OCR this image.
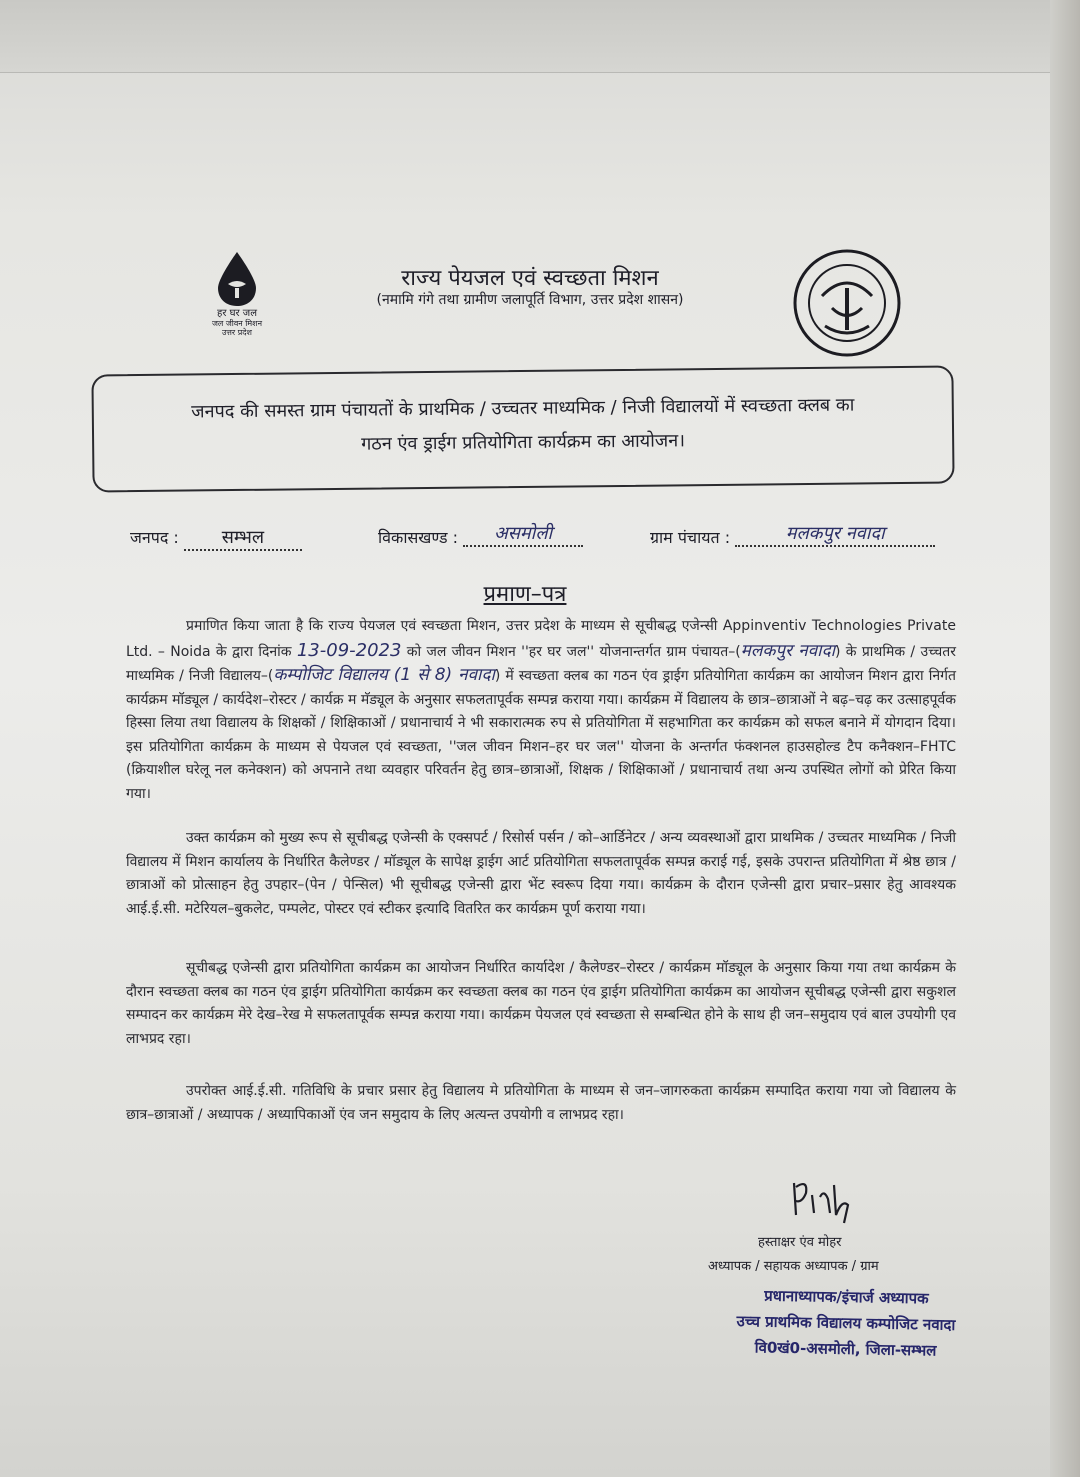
हर घर जल
जल जीवन मिशन
उत्तर प्रदेश
राज्य पेयजल एवं स्वच्छता मिशन
(नमामि गंगे तथा ग्रामीण जलापूर्ति विभाग, उत्तर प्रदेश शासन)
जनपद की समस्त ग्राम पंचायतों के प्राथमिक / उच्चतर माध्यमिक / निजी विद्यालयों में स्वच्छता क्लब का
गठन एंव ड्राईग प्रतियोगिता कार्यक्रम का आयोजन।
जनपद : सम्भल	विकासखण्ड : असमोली	ग्राम पंचायत :	मलकपुर नवादा
प्रमाण–पत्र
प्रमाणित किया जाता है कि राज्य पेयजल एवं स्वच्छता मिशन, उत्तर प्रदेश के माध्यम से सूचीबद्ध एजेन्सी Appinventiv Technologies Private Ltd. – Noida के द्वारा दिनांक 13-09-2023 को जल जीवन मिशन ''हर घर जल'' योजनान्तर्गत ग्राम पंचायत–(मलकपुर नवादा) के प्राथमिक / उच्चतर माध्यमिक / निजी विद्यालय–(कम्पोजिट विद्यालय (1 से 8) नवादा) में स्वच्छता क्लब का गठन एंव ड्राईग प्रतियोगिता कार्यक्रम का आयोजन मिशन द्वारा निर्गत कार्यक्रम मॉड्यूल / कार्यदेश–रोस्टर / कार्यक्र म मॅड्यूल के अनुसार सफलतापूर्वक सम्पन्न कराया गया। कार्यक्रम में विद्यालय के छात्र–छात्राओं ने बढ़–चढ़ कर उत्साहपूर्वक हिस्सा लिया तथा विद्यालय के शिक्षकों / शिक्षिकाओं / प्रधानाचार्य ने भी सकारात्मक रुप से प्रतियोगिता में सहभागिता कर कार्यक्रम को सफल बनाने में योगदान दिया। इस प्रतियोगिता कार्यक्रम के माध्यम से पेयजल एवं स्वच्छता, ''जल जीवन मिशन–हर घर जल'' योजना के अन्तर्गत फंक्शनल हाउसहोल्ड टैप कनैक्शन–FHTC (क्रियाशील घरेलू नल कनेक्शन) को अपनाने तथा व्यवहार परिवर्तन हेतु छात्र–छात्राओं, शिक्षक / शिक्षिकाओं / प्रधानाचार्य तथा अन्य उपस्थित लोगों को प्रेरित किया गया।
उक्त कार्यक्रम को मुख्य रूप से सूचीबद्ध एजेन्सी के एक्सपर्ट / रिसोर्स पर्सन / को–आर्डिनेटर / अन्य व्यवस्थाओं द्वारा प्राथमिक / उच्चतर माध्यमिक / निजी विद्यालय में मिशन कार्यालय के निर्धारित कैलेण्डर / मॉड्यूल के सापेक्ष ड्राईग आर्ट प्रतियोगिता सफलतापूर्वक सम्पन्न कराई गई, इसके उपरान्त प्रतियोगिता में श्रेष्ठ छात्र / छात्राओं को प्रोत्साहन हेतु उपहार–(पेन / पेन्सिल) भी सूचीबद्ध एजेन्सी द्वारा भेंट स्वरूप दिया गया। कार्यक्रम के दौरान एजेन्सी द्वारा प्रचार–प्रसार हेतु आवश्यक आई.ई.सी. मटेरियल–बुकलेट, पम्पलेट, पोस्टर एवं स्टीकर इत्यादि वितरित कर कार्यक्रम पूर्ण कराया गया।
सूचीबद्ध एजेन्सी द्वारा प्रतियोगिता कार्यक्रम का आयोजन निर्धारित कार्यादेश / कैलेण्डर–रोस्टर / कार्यक्रम मॉड्यूल के अनुसार किया गया तथा कार्यक्रम के दौरान स्वच्छता क्लब का गठन एंव ड्राईग प्रतियोगिता कार्यक्रम कर स्वच्छता क्लब का गठन एंव ड्राईग प्रतियोगिता कार्यक्रम का आयोजन सूचीबद्ध एजेन्सी द्वारा सकुशल सम्पादन कर कार्यक्रम मेरे देख–रेख मे सफलतापूर्वक सम्पन्न कराया गया। कार्यक्रम पेयजल एवं स्वच्छता से सम्बन्धित होने के साथ ही जन–समुदाय एवं बाल उपयोगी एव लाभप्रद रहा।
उपरोक्त आई.ई.सी. गतिविधि के प्रचार प्रसार हेतु विद्यालय मे प्रतियोगिता के माध्यम से जन–जागरुकता कार्यक्रम सम्पादित कराया गया जो विद्यालय के छात्र–छात्राओं / अध्यापक / अध्यापिकाओं एंव जन समुदाय के लिए अत्यन्त उपयोगी व लाभप्रद रहा।
हस्ताक्षर एंव मोहर
अध्यापक / सहायक अध्यापक / ग्राम
प्रधानाध्यापक/इंचार्ज अध्यापक
उच्च प्राथमिक विद्यालय कम्पोजिट नवादा
वि0खं0-असमोली, जिला-सम्भल
